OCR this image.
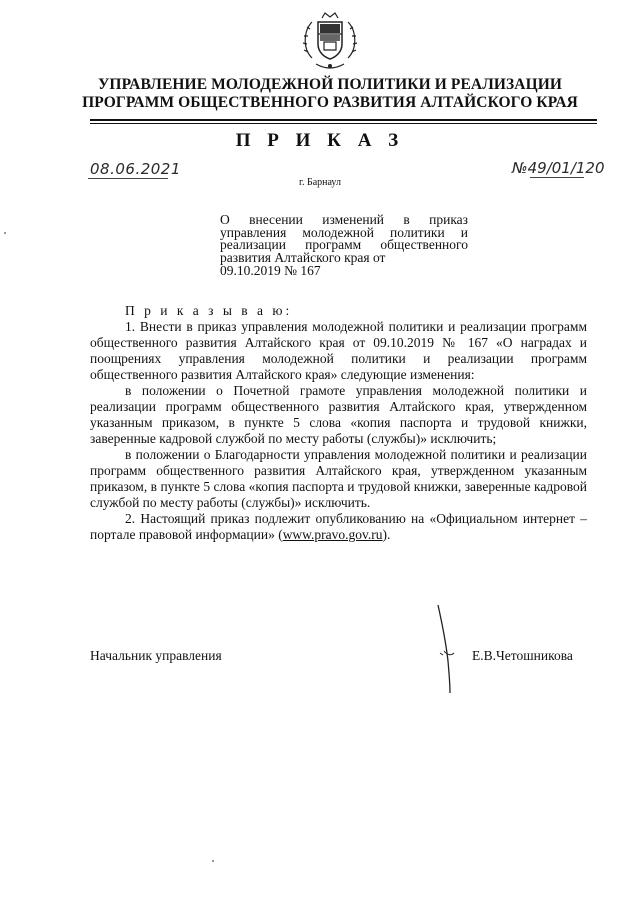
УПРАВЛЕНИЕ МОЛОДЕЖНОЙ ПОЛИТИКИ И РЕАЛИЗАЦИИ
ПРОГРАММ ОБЩЕСТВЕННОГО РАЗВИТИЯ АЛТАЙСКОГО КРАЯ
П Р И К А З
08.06.2021	№49/01/120
г. Барнаул
О внесении изменений в приказ управления молодежной политики и реализации программ общественного развития Алтайского края от
09.10.2019 № 167

П р и к а з ы в а ю:

1. Внести в приказ управления молодежной политики и реализации программ общественного развития Алтайского края от 09.10.2019 № 167 «О наградах и поощрениях управления молодежной политики и реализации программ общественного развития Алтайского края» следующие изменения:

в положении о Почетной грамоте управления молодежной политики и реализации программ общественного развития Алтайского края, утвержденном указанным приказом, в пункте 5 слова «копия паспорта и трудовой книжки, заверенные кадровой службой по месту работы (службы)» исключить;

в положении о Благодарности управления молодежной политики и реализации программ общественного развития Алтайского края, утвержденном указанным приказом, в пункте 5 слова «копия паспорта и трудовой книжки, заверенные кадровой службой по месту работы (службы)» исключить.

2. Настоящий приказ подлежит опубликованию на «Официальном интернет – портале правовой информации» (www.pravo.gov.ru).

Начальник управления	Е.В.Четошникова
